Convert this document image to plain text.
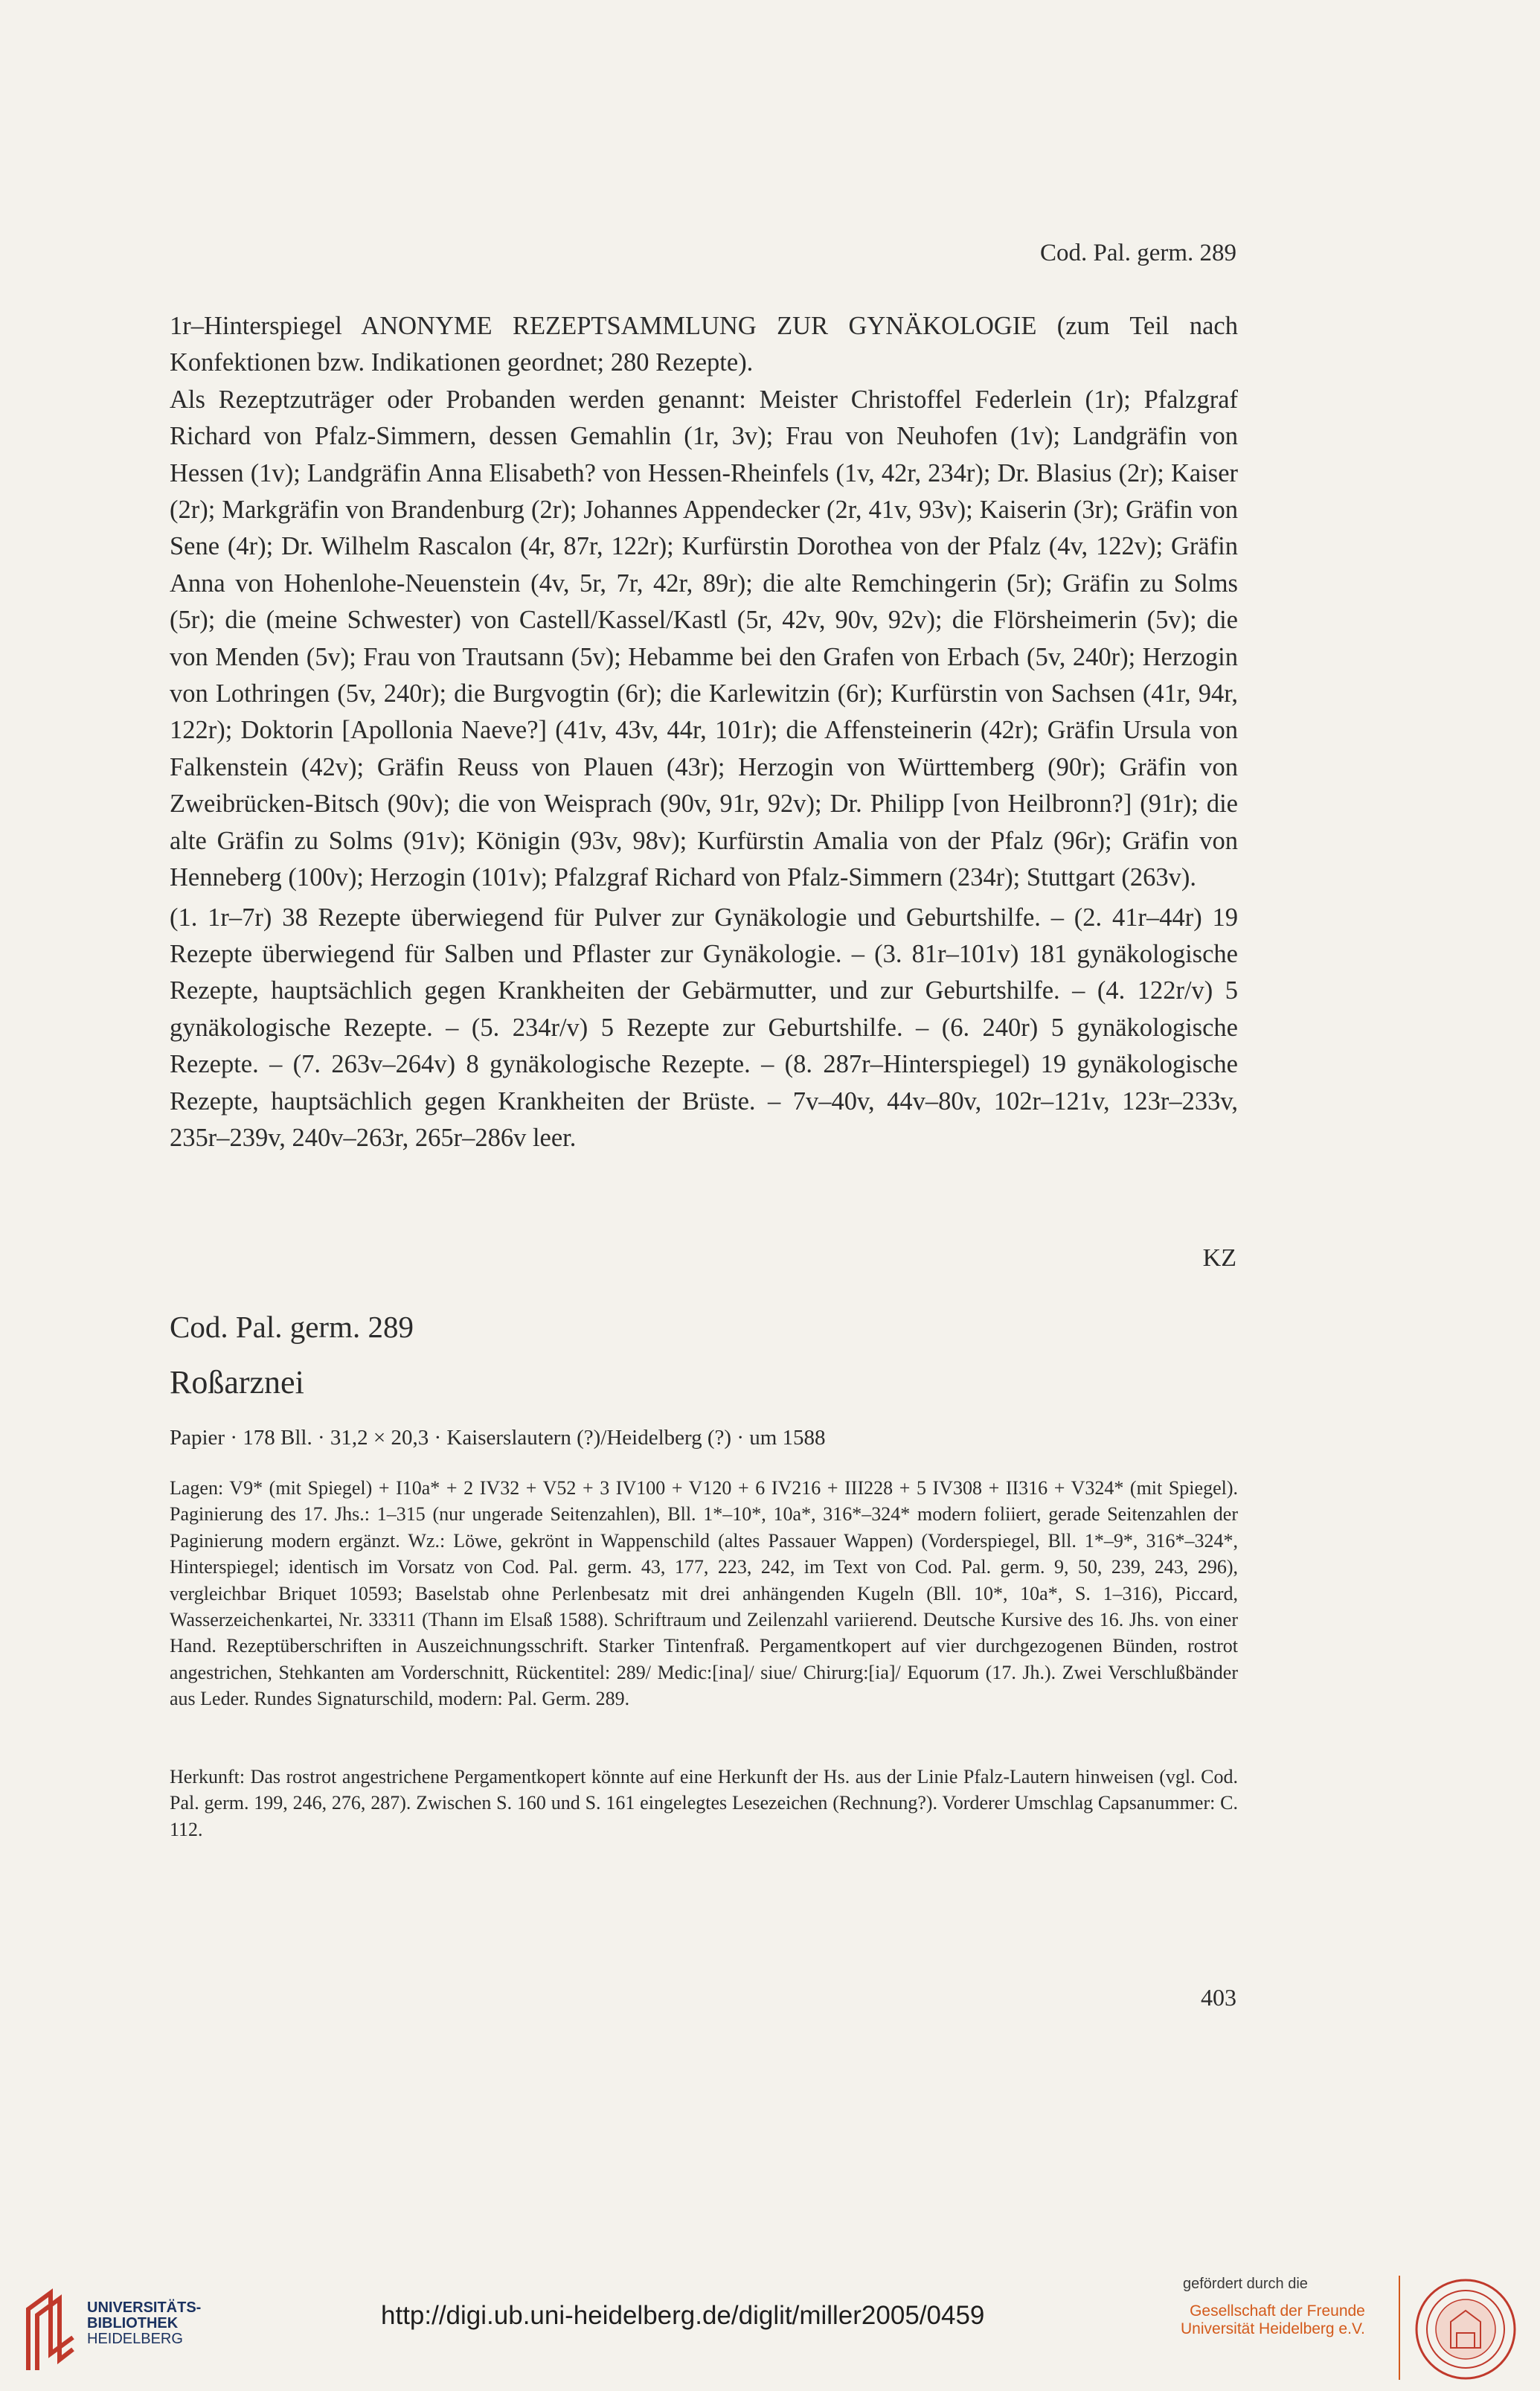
Cod. Pal. germ. 289

1r–Hinterspiegel ANONYME REZEPTSAMMLUNG ZUR GYNÄKOLOGIE (zum Teil nach Konfektionen bzw. Indikationen geordnet; 280 Rezepte).

Als Rezeptzuträger oder Probanden werden genannt: Meister Christoffel Federlein (1r); Pfalzgraf Richard von Pfalz-Simmern, dessen Gemahlin (1r, 3v); Frau von Neuhofen (1v); Landgräfin von Hessen (1v); Landgräfin Anna Elisabeth? von Hessen-Rheinfels (1v, 42r, 234r); Dr. Blasius (2r); Kaiser (2r); Markgräfin von Brandenburg (2r); Johannes Appendecker (2r, 41v, 93v); Kaiserin (3r); Gräfin von Sene (4r); Dr. Wilhelm Rascalon (4r, 87r, 122r); Kurfürstin Dorothea von der Pfalz (4v, 122v); Gräfin Anna von Hohenlohe-Neuenstein (4v, 5r, 7r, 42r, 89r); die alte Remchingerin (5r); Gräfin zu Solms (5r); die (meine Schwester) von Castell/Kassel/Kastl (5r, 42v, 90v, 92v); die Flörsheimerin (5v); die von Menden (5v); Frau von Trautsann (5v); Hebamme bei den Grafen von Erbach (5v, 240r); Herzogin von Lothringen (5v, 240r); die Burgvogtin (6r); die Karlewitzin (6r); Kurfürstin von Sachsen (41r, 94r, 122r); Doktorin [Apollonia Naeve?] (41v, 43v, 44r, 101r); die Affensteinerin (42r); Gräfin Ursula von Falkenstein (42v); Gräfin Reuss von Plauen (43r); Herzogin von Württemberg (90r); Gräfin von Zweibrücken-Bitsch (90v); die von Weisprach (90v, 91r, 92v); Dr. Philipp [von Heilbronn?] (91r); die alte Gräfin zu Solms (91v); Königin (93v, 98v); Kurfürstin Amalia von der Pfalz (96r); Gräfin von Henneberg (100v); Herzogin (101v); Pfalzgraf Richard von Pfalz-Simmern (234r); Stuttgart (263v).

(1. 1r–7r) 38 Rezepte überwiegend für Pulver zur Gynäkologie und Geburtshilfe. – (2. 41r–44r) 19 Rezepte überwiegend für Salben und Pflaster zur Gynäkologie. – (3. 81r–101v) 181 gynäkologische Rezepte, hauptsächlich gegen Krankheiten der Gebärmutter, und zur Geburtshilfe. – (4. 122r/v) 5 gynäkologische Rezepte. – (5. 234r/v) 5 Rezepte zur Geburtshilfe. – (6. 240r) 5 gynäkologische Rezepte. – (7. 263v–264v) 8 gynäkologische Rezepte. – (8. 287r–Hinterspiegel) 19 gynäkologische Rezepte, hauptsächlich gegen Krankheiten der Brüste. – 7v–40v, 44v–80v, 102r–121v, 123r–233v, 235r–239v, 240v–263r, 265r–286v leer.

KZ
Cod. Pal. germ. 289
Roßarznei
Papier · 178 Bll. · 31,2 × 20,3 · Kaiserslautern (?)/Heidelberg (?) · um 1588
Lagen: V9* (mit Spiegel) + I10a* + 2 IV32 + V52 + 3 IV100 + V120 + 6 IV216 + III228 + 5 IV308 + II316 + V324* (mit Spiegel). Paginierung des 17. Jhs.: 1–315 (nur ungerade Seitenzahlen), Bll. 1*–10*, 10a*, 316*–324* modern foliiert, gerade Seitenzahlen der Paginierung modern ergänzt. Wz.: Löwe, gekrönt in Wappenschild (altes Passauer Wappen) (Vorderspiegel, Bll. 1*–9*, 316*–324*, Hinterspiegel; identisch im Vorsatz von Cod. Pal. germ. 43, 177, 223, 242, im Text von Cod. Pal. germ. 9, 50, 239, 243, 296), vergleichbar Briquet 10593; Baselstab ohne Perlenbesatz mit drei anhängenden Kugeln (Bll. 10*, 10a*, S. 1–316), Piccard, Wasserzeichenkartei, Nr. 33311 (Thann im Elsaß 1588). Schriftraum und Zeilenzahl variierend. Deutsche Kursive des 16. Jhs. von einer Hand. Rezeptüberschriften in Auszeichnungsschrift. Starker Tintenfraß. Pergamentkopert auf vier durchgezogenen Bünden, rostrot angestrichen, Stehkanten am Vorderschnitt, Rückentitel: 289/ Medic:[ina]/ siue/ Chirurg:[ia]/ Equorum (17. Jh.). Zwei Verschlußbänder aus Leder. Rundes Signaturschild, modern: Pal. Germ. 289.
Herkunft: Das rostrot angestrichene Pergamentkopert könnte auf eine Herkunft der Hs. aus der Linie Pfalz-Lautern hinweisen (vgl. Cod. Pal. germ. 199, 246, 276, 287). Zwischen S. 160 und S. 161 eingelegtes Lesezeichen (Rechnung?). Vorderer Umschlag Capsanummer: C. 112.
403
UNIVERSITÄTS-
BIBLIOTHEK
HEIDELBERG
http://digi.ub.uni-heidelberg.de/diglit/miller2005/0459
gefördert durch die
Gesellschaft der Freunde
Universität Heidelberg e.V.
